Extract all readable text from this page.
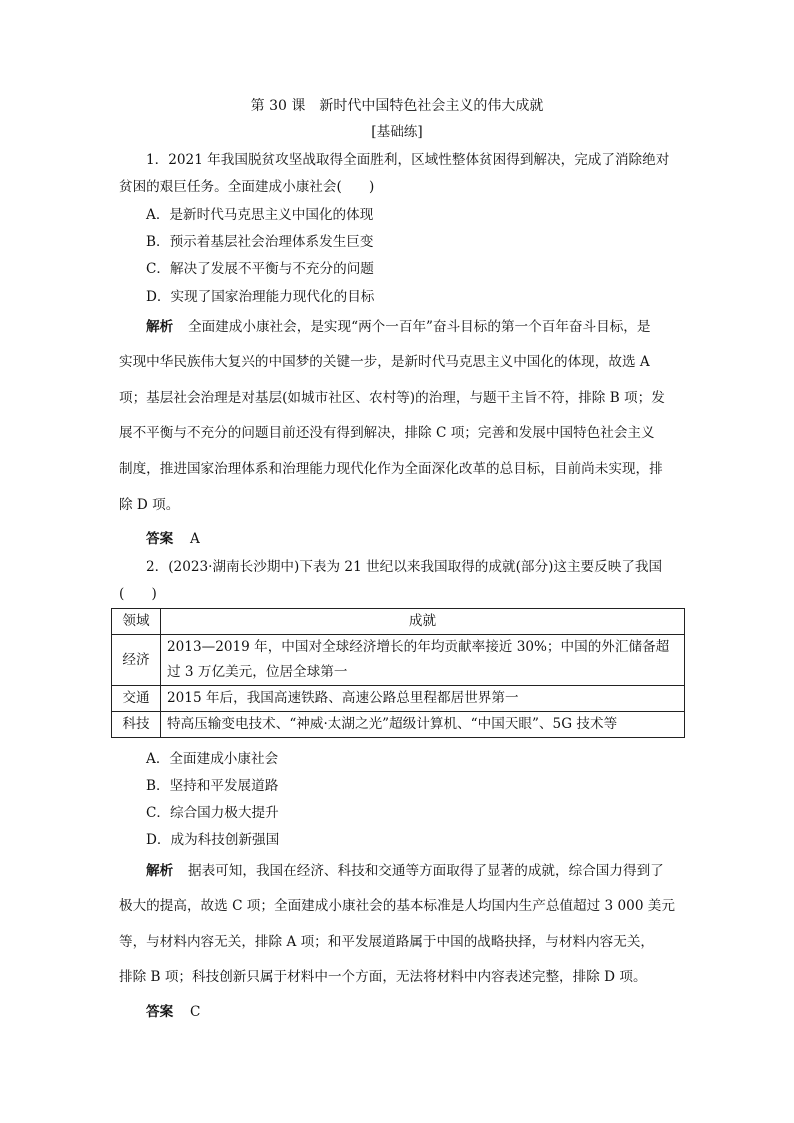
第 30 课　新时代中国特色社会主义的伟大成就
[基础练]
1．2021 年我国脱贫攻坚战取得全面胜利，区域性整体贫困得到解决，完成了消除绝对
贫困的艰巨任务。全面建成小康社会(　　)
A．是新时代马克思主义中国化的体现
B．预示着基层社会治理体系发生巨变
C．解决了发展不平衡与不充分的问题
D．实现了国家治理能力现代化的目标
解析 全面建成小康社会，是实现“两个一百年”奋斗目标的第一个百年奋斗目标，是
实现中华民族伟大复兴的中国梦的关键一步，是新时代马克思主义中国化的体现，故选 A
项；基层社会治理是对基层(如城市社区、农村等)的治理，与题干主旨不符，排除 B 项；发
展不平衡与不充分的问题目前还没有得到解决，排除 C 项；完善和发展中国特色社会主义
制度，推进国家治理体系和治理能力现代化作为全面深化改革的总目标，目前尚未实现，排
除 D 项。
答案 A
2．(2023·湖南长沙期中)下表为 21 世纪以来我国取得的成就(部分)这主要反映了我国
(　　)
领域	成就
经济	2013—2019 年，中国对全球经济增长的年均贡献率接近 30%；中国的外汇储备超
过 3 万亿美元，位居全球第一

交通	2015 年后，我国高速铁路、高速公路总里程都居世界第一
科技	特高压输变电技术、“神威·太湖之光”超级计算机、“中国天眼”、5G 技术等
A．全面建成小康社会
B．坚持和平发展道路
C．综合国力极大提升
D．成为科技创新强国
解析 据表可知，我国在经济、科技和交通等方面取得了显著的成就，综合国力得到了
极大的提高，故选 C 项；全面建成小康社会的基本标准是人均国内生产总值超过 3 000 美元
等，与材料内容无关，排除 A 项；和平发展道路属于中国的战略抉择，与材料内容无关，
排除 B 项；科技创新只属于材料中一个方面，无法将材料中内容表述完整，排除 D 项。
答案 C
